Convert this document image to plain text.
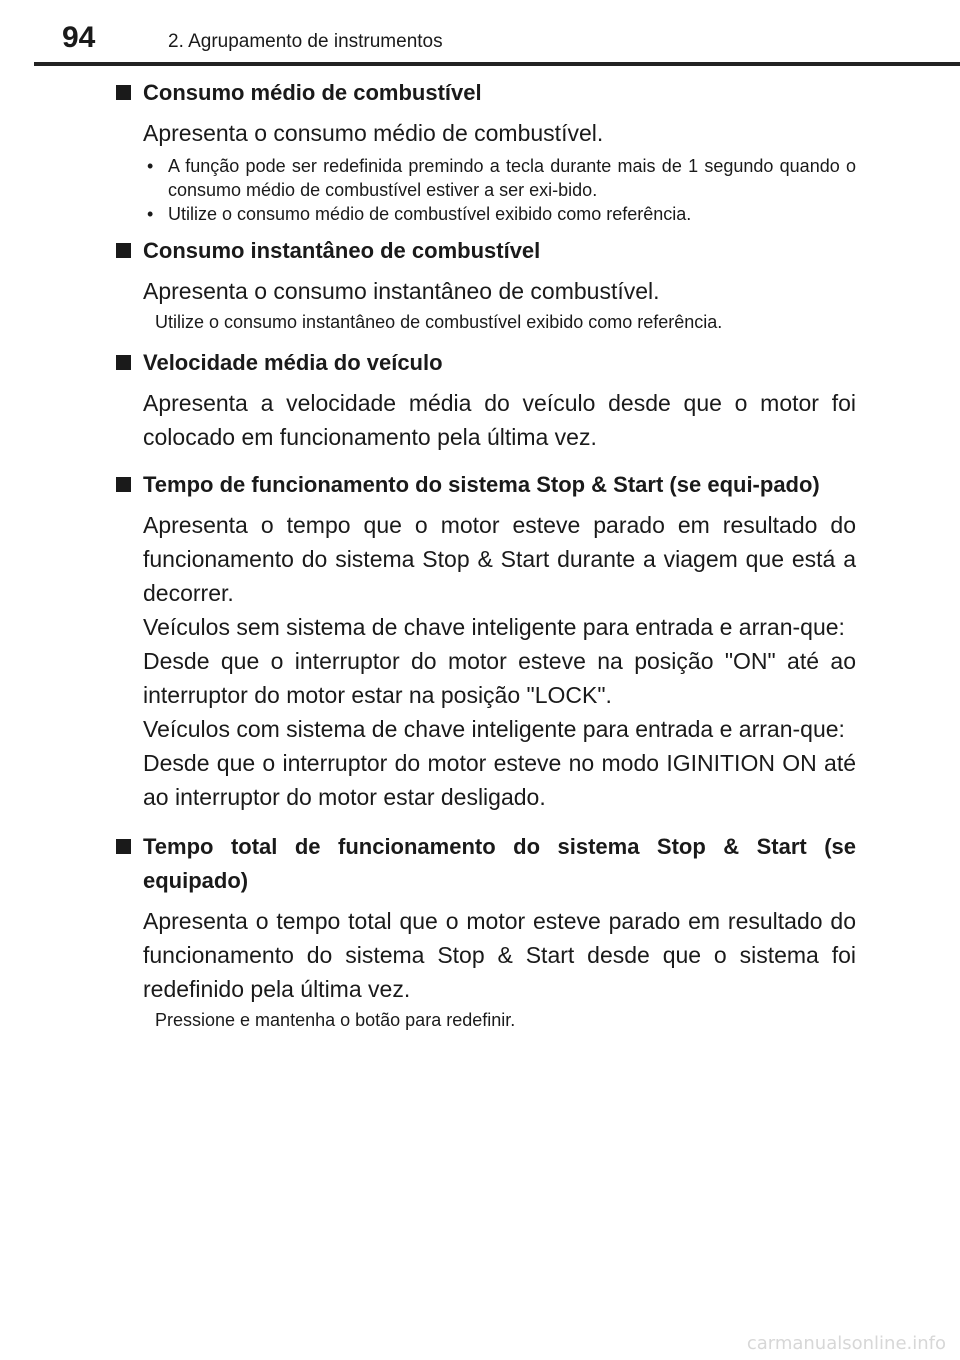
94	2. Agrupamento de instrumentos
Consumo médio de combustível
Apresenta o consumo médio de combustível.
• A função pode ser redefinida premindo a tecla durante mais de 1 segundo quando o consumo médio de combustível estiver a ser exi-bido.
• Utilize o consumo médio de combustível exibido como referência.
Consumo instantâneo de combustível
Apresenta o consumo instantâneo de combustível.
Utilize o consumo instantâneo de combustível exibido como referência.
Velocidade média do veículo
Apresenta a velocidade média do veículo desde que o motor foi colocado em funcionamento pela última vez.
Tempo de funcionamento do sistema Stop & Start (se equi-pado)
Apresenta o tempo que o motor esteve parado em resultado do funcionamento do sistema Stop & Start durante a viagem que está a decorrer.
Veículos sem sistema de chave inteligente para entrada e arran-que:
Desde que o interruptor do motor esteve na posição "ON" até ao interruptor do motor estar na posição "LOCK".
Veículos com sistema de chave inteligente para entrada e arran-que:
Desde que o interruptor do motor esteve no modo IGINITION ON até ao interruptor do motor estar desligado.
Tempo total de funcionamento do sistema Stop & Start (se equipado)
Apresenta o tempo total que o motor esteve parado em resultado do funcionamento do sistema Stop & Start desde que o sistema foi redefinido pela última vez.
Pressione e mantenha o botão para redefinir.
carmanualsonline.info
